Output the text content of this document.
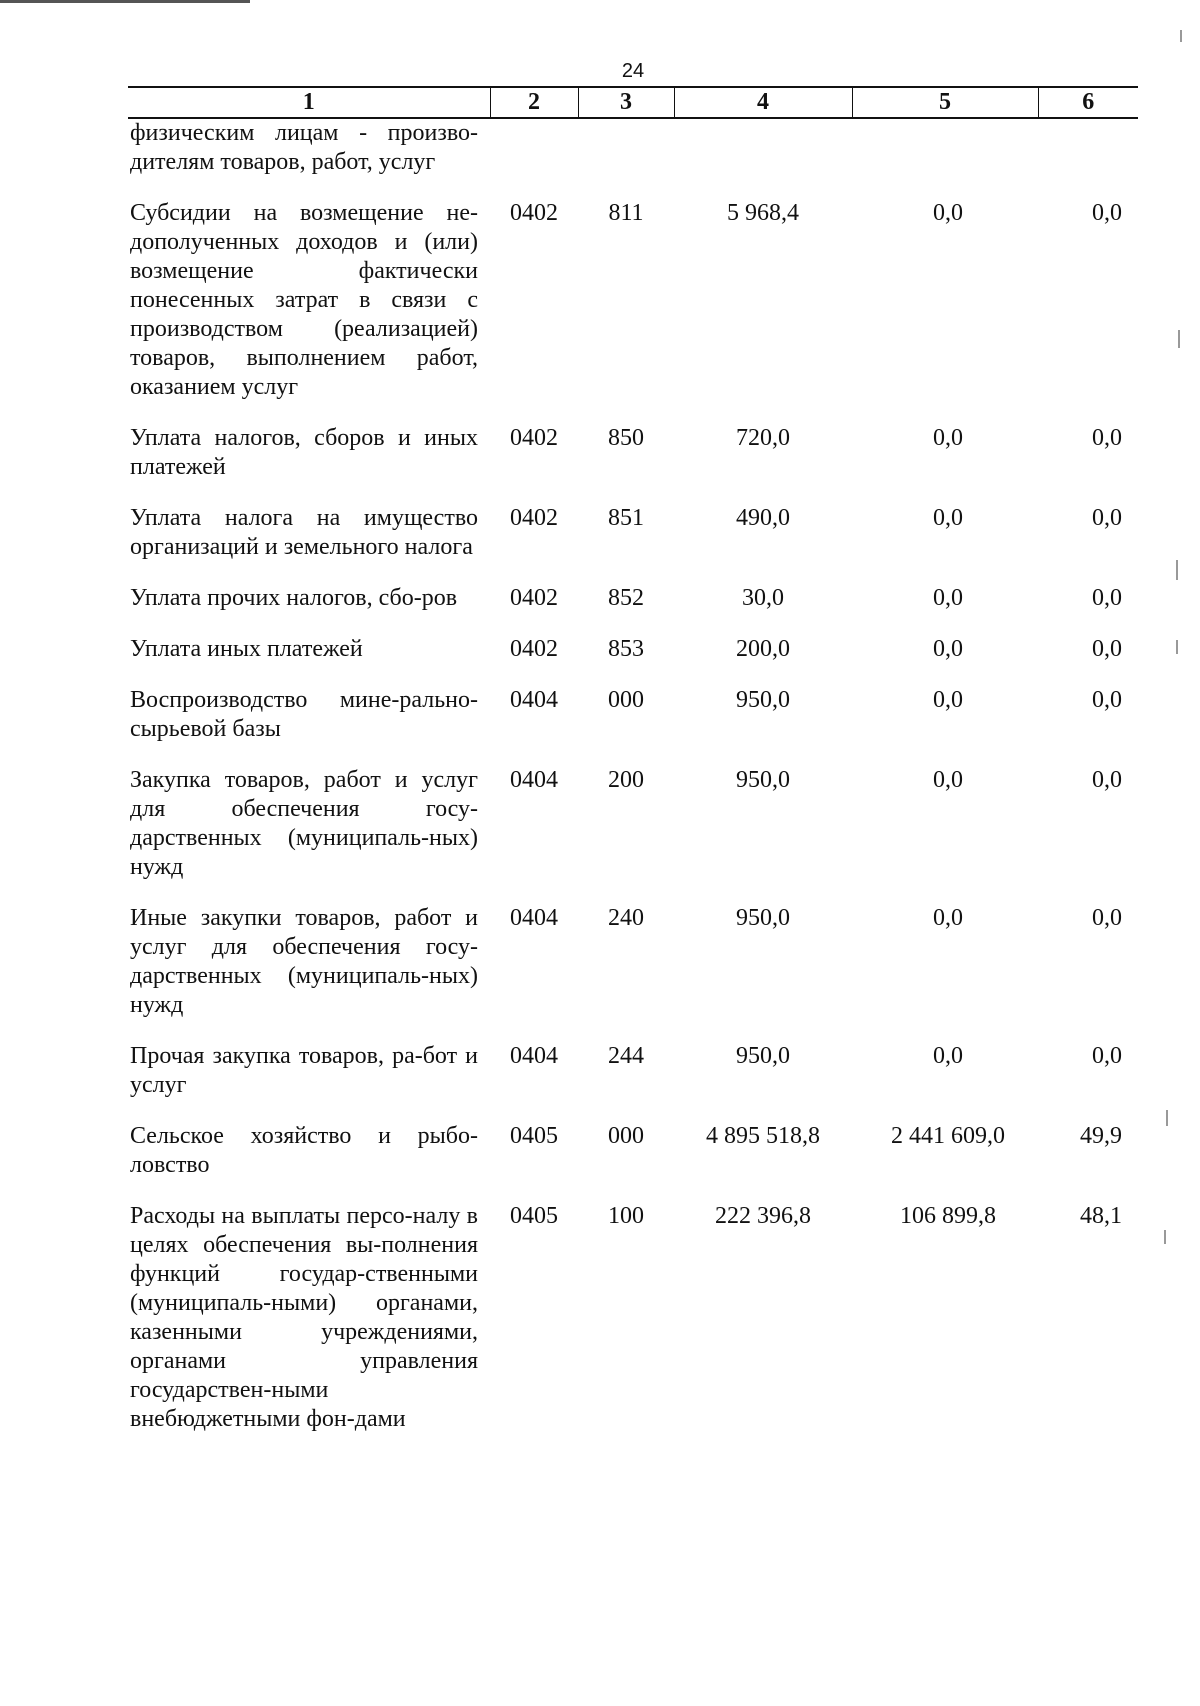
24
1	2	3	4	5	6
физическим лицам - произво-дителям товаров, работ, услуг					

Субсидии на возмещение не-дополученных доходов и (или) возмещение фактически понесенных затрат в связи с производством (реализацией) товаров, выполнением работ, оказанием услуг	0402	811	5 968,4	0,0	0,0

Уплата налогов, сборов и иных платежей	0402	850	720,0	0,0	0,0

Уплата налога на имущество организаций и земельного налога	0402	851	490,0	0,0	0,0

Уплата прочих налогов, сбо-ров	0402	852	30,0	0,0	0,0

Уплата иных платежей	0402	853	200,0	0,0	0,0

Воспроизводство мине-рально-сырьевой базы	0404	000	950,0	0,0	0,0

Закупка товаров, работ и услуг для обеспечения госу-дарственных (муниципаль-ных) нужд	0404	200	950,0	0,0	0,0

Иные закупки товаров, работ и услуг для обеспечения госу-дарственных (муниципаль-ных) нужд	0404	240	950,0	0,0	0,0

Прочая закупка товаров, ра-бот и услуг	0404	244	950,0	0,0	0,0

Сельское хозяйство и рыбо-ловство	0405	000	4 895 518,8	2 441 609,0	49,9

Расходы на выплаты персо-налу в целях обеспечения вы-полнения функций государ-ственными (муниципаль-ными) органами, казенными учреждениями, органами управления государствен-ными внебюджетными фон-дами	0405	100	222 396,8	106 899,8	48,1
